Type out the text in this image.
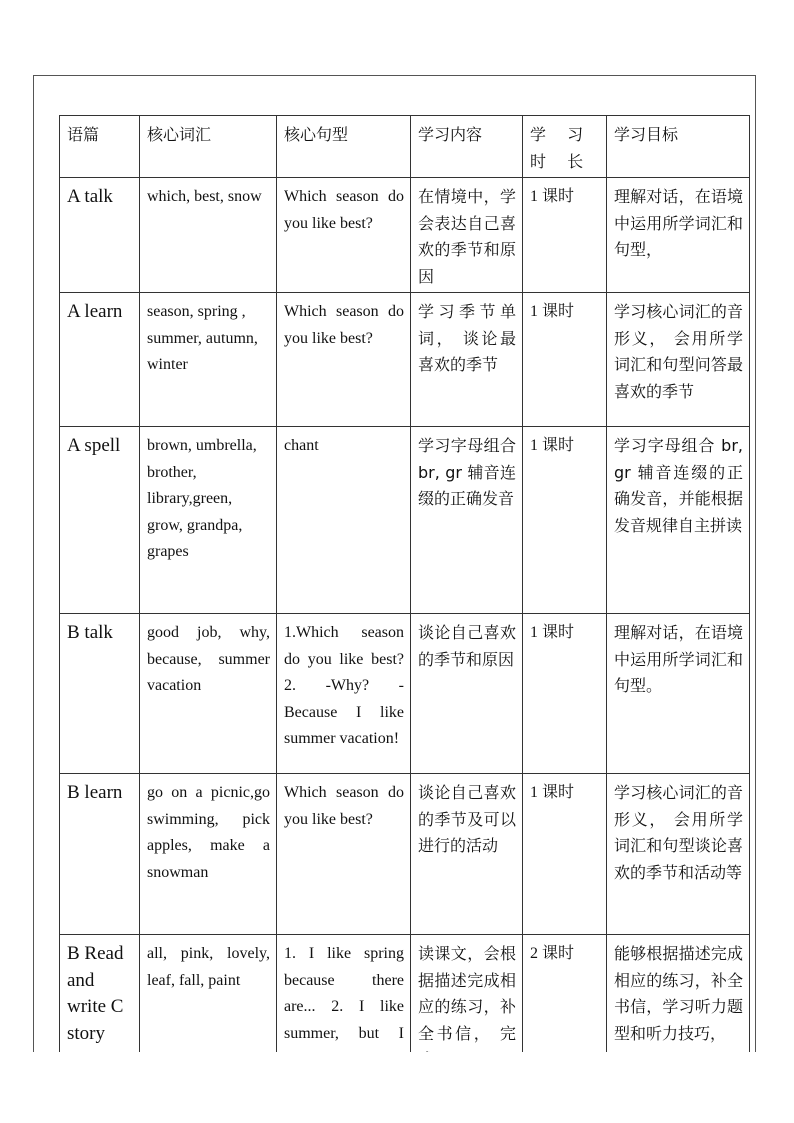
语篇	核心词汇	核心句型	学习内容	学 习 时 长	学习目标
A talk	which, best, snow	Which season do you like best?	在情境中，学会表达自己喜欢的季节和原因	1 课时	理解对话，在语境中运用所学词汇和句型，
A learn	season, spring , summer, autumn, winter	Which season do you like best?	学习季节单词， 谈论最喜欢的季节	1 课时	学习核心词汇的音形义， 会用所学词汇和句型问答最喜欢的季节
A spell	brown, umbrella, brother, library,green, grow, grandpa, grapes	chant	学习字母组合 br, gr 辅音连缀的正确发音	1 课时	学习字母组合 br, gr 辅音连缀的正确发音，并能根据发音规律自主拼读
B talk	good job, why, because, summer vacation	1.Which season do you like best? 2. -Why? -Because I like summer vacation!	谈论自己喜欢的季节和原因	1 课时	理解对话，在语境中运用所学词汇和句型。
B learn	go on a picnic,go swimming, pick apples, make a snowman	Which season do you like best?	谈论自己喜欢的季节及可以进行的活动	1 课时	学习核心词汇的音形义， 会用所学词汇和句型谈论喜欢的季节和活动等
B Read and write C story	all, pink, lovely, leaf, fall, paint	1. I like spring because there are... 2. I like summer, but I	读课文，会根据描述完成相应的练习，补全书信， 完	2 课时	能够根据描述完成相应的练习，补全书信，学习听力题型和听力技巧，
